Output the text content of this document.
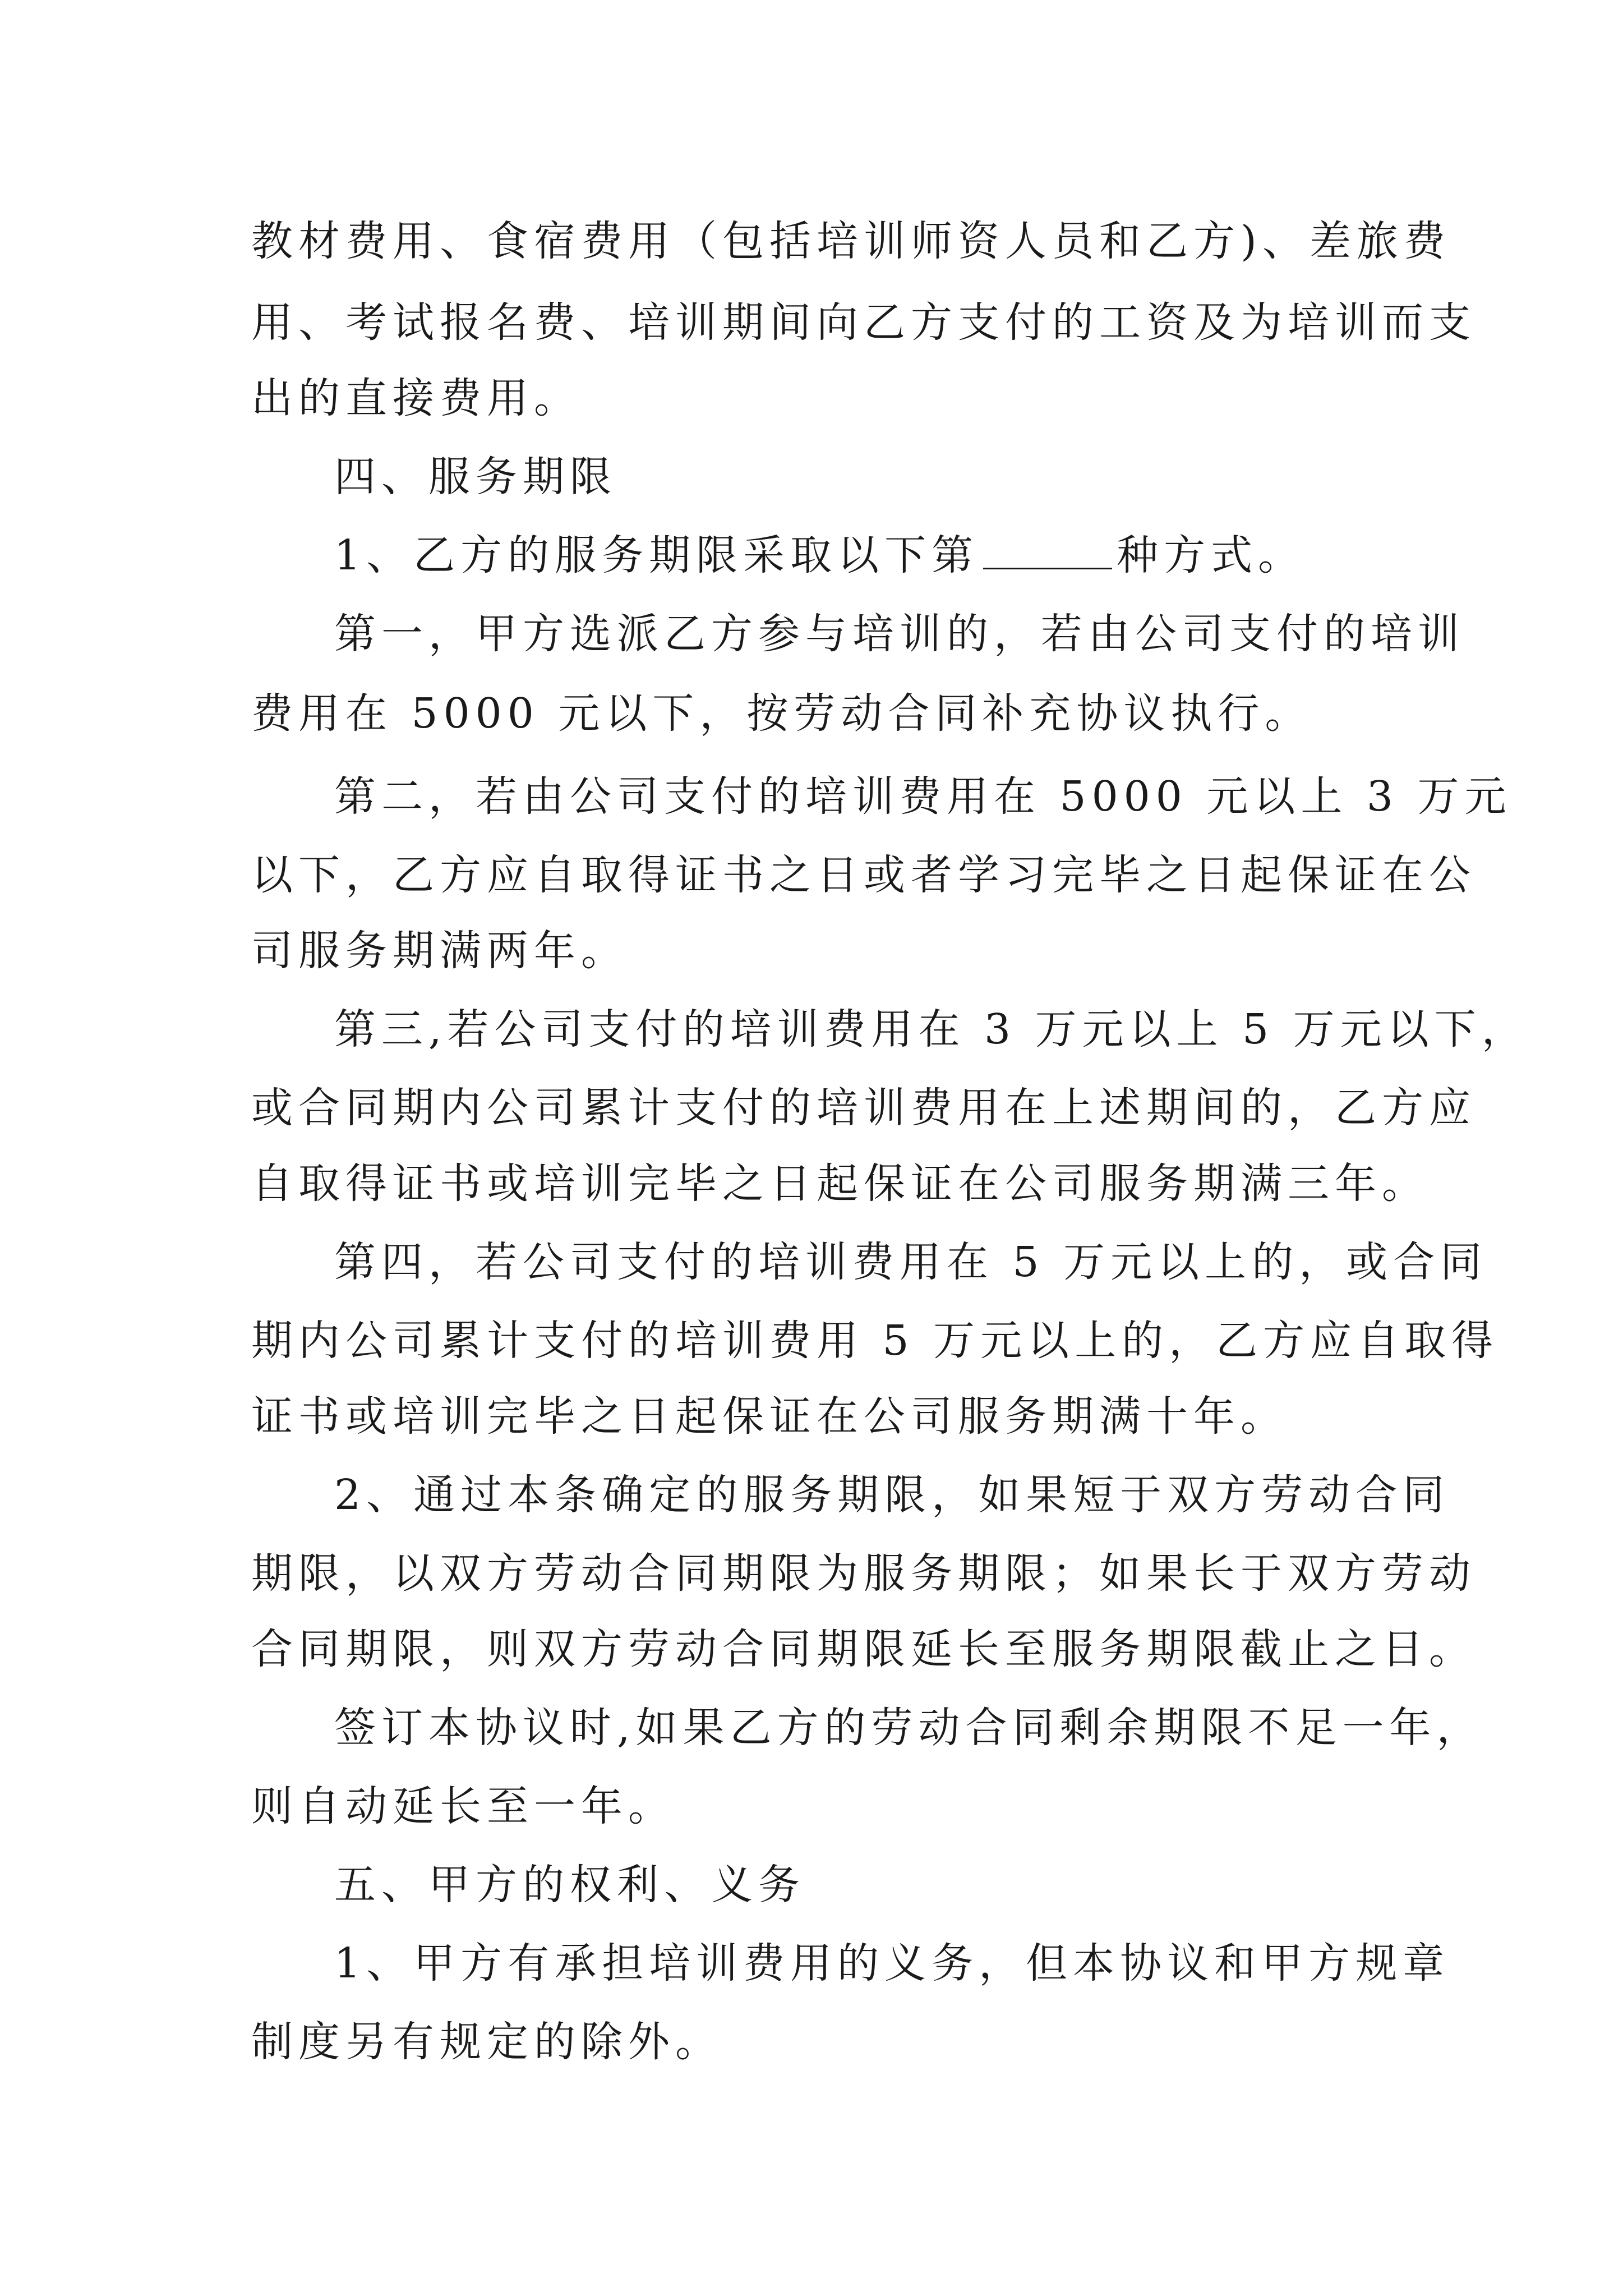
教材费用、食宿费用（包括培训师资人员和乙方)、差旅费
用、考试报名费、培训期间向乙方支付的工资及为培训而支
出的直接费用。
四、服务期限
1、乙方的服务期限采取以下第	种方式。
第一，甲方选派乙方参与培训的，若由公司支付的培训
费用在 5000 元以下，按劳动合同补充协议执行。
第二，若由公司支付的培训费用在 5000 元以上 3 万元
以下，乙方应自取得证书之日或者学习完毕之日起保证在公
司服务期满两年。
第三,若公司支付的培训费用在 3 万元以上 5 万元以下，
或合同期内公司累计支付的培训费用在上述期间的，乙方应
自取得证书或培训完毕之日起保证在公司服务期满三年。
第四，若公司支付的培训费用在 5 万元以上的，或合同
期内公司累计支付的培训费用 5 万元以上的，乙方应自取得
证书或培训完毕之日起保证在公司服务期满十年。
2、通过本条确定的服务期限，如果短于双方劳动合同
期限，以双方劳动合同期限为服务期限；如果长于双方劳动
合同期限，则双方劳动合同期限延长至服务期限截止之日。
签订本协议时,如果乙方的劳动合同剩余期限不足一年，
则自动延长至一年。
五、甲方的权利、义务
1、甲方有承担培训费用的义务，但本协议和甲方规章
制度另有规定的除外。
